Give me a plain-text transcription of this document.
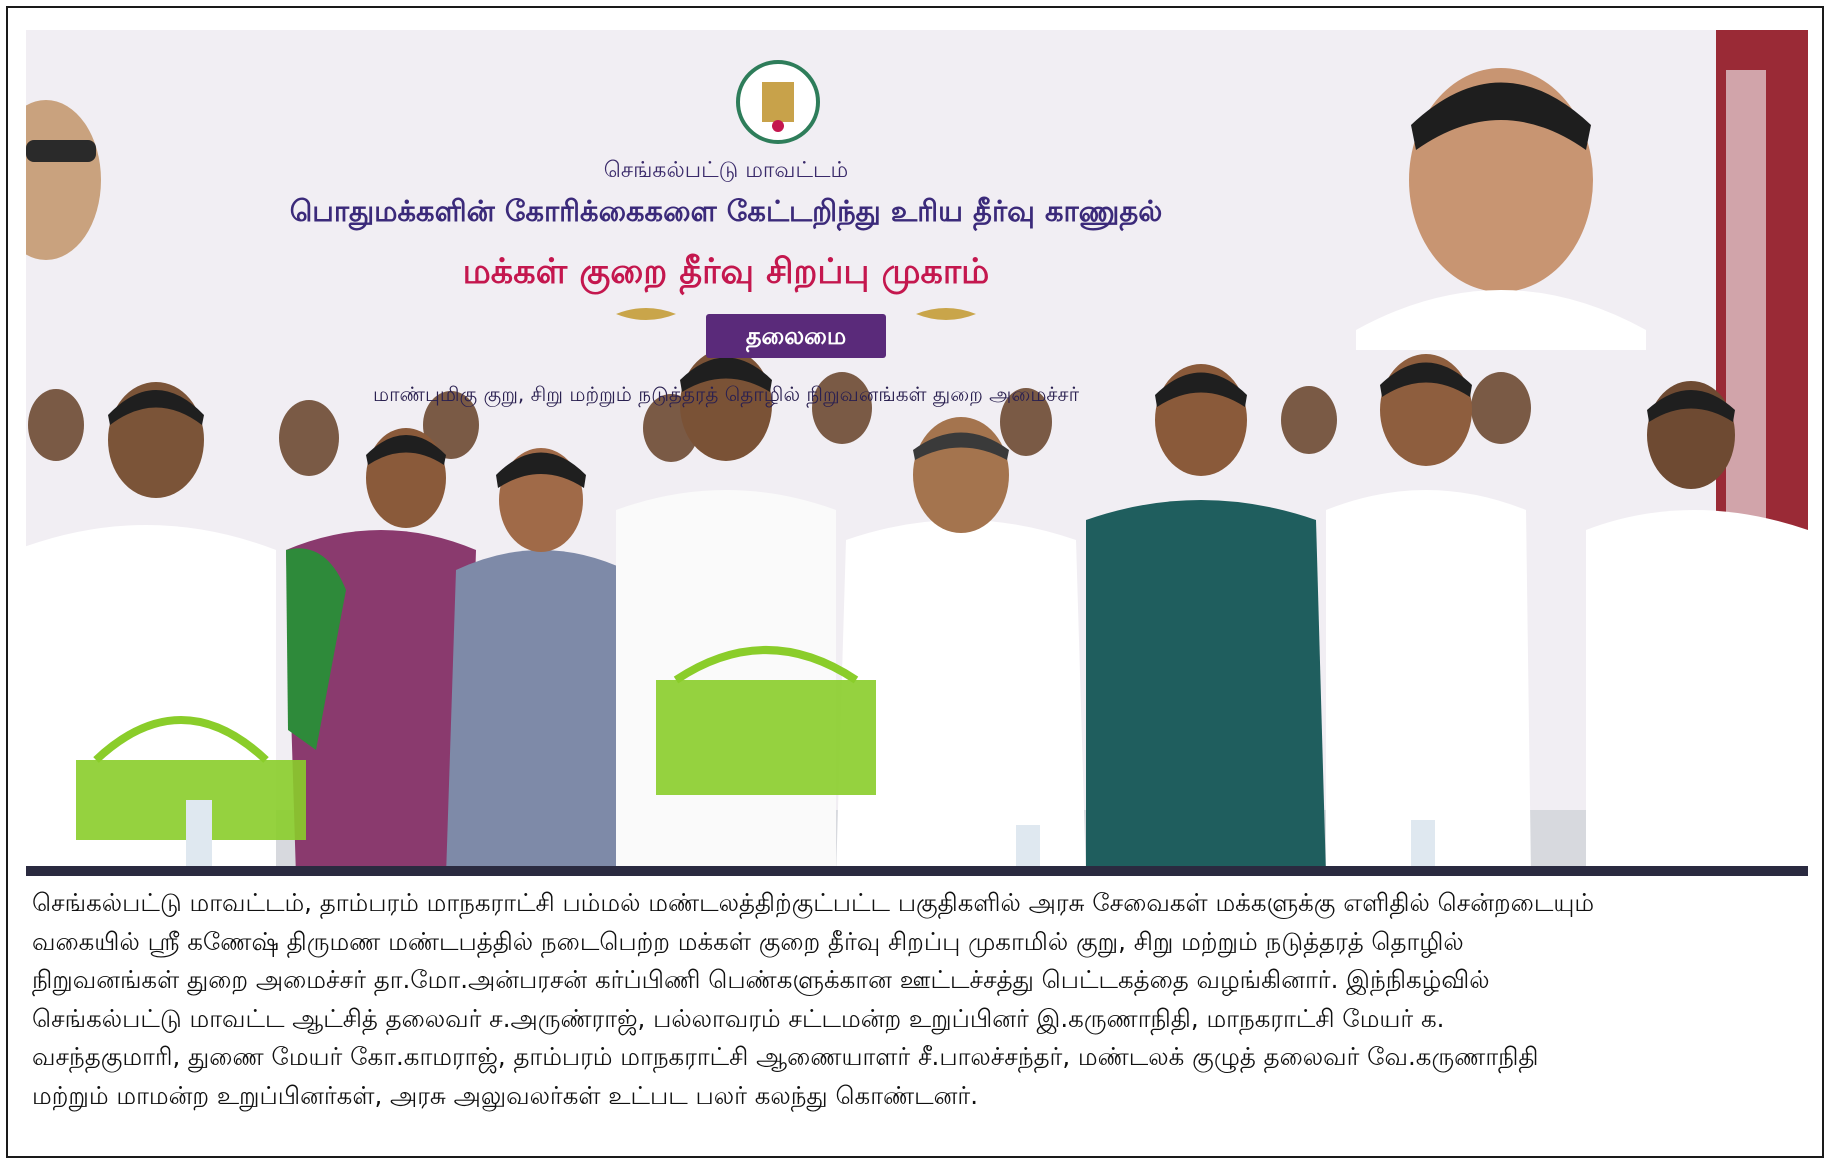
செங்கல்பட்டு மாவட்டம்
பொதுமக்களின் கோரிக்கைகளை கேட்டறிந்து உரிய தீர்வு காணுதல்
மக்கள் குறை தீர்வு சிறப்பு முகாம்
தலைமை
மாண்புமிகு குறு, சிறு மற்றும் நடுத்தரத் தொழில் நிறுவனங்கள் துறை அமைச்சர்
செங்கல்பட்டு மாவட்டம், தாம்பரம் மாநகராட்சி பம்மல் மண்டலத்திற்குட்பட்ட பகுதிகளில் அரசு சேவைகள் மக்களுக்கு எளிதில் சென்றடையும்
வகையில் ஸ்ரீ கணேஷ் திருமண மண்டபத்தில் நடைபெற்ற மக்கள் குறை தீர்வு சிறப்பு முகாமில் குறு, சிறு மற்றும் நடுத்தரத் தொழில்
நிறுவனங்கள் துறை அமைச்சர் தா.மோ.அன்பரசன் கர்ப்பிணி பெண்களுக்கான ஊட்டச்சத்து பெட்டகத்தை வழங்கினார். இந்நிகழ்வில்
செங்கல்பட்டு மாவட்ட ஆட்சித் தலைவர் ச.அருண்ராஜ், பல்லாவரம் சட்டமன்ற உறுப்பினர் இ.கருணாநிதி, மாநகராட்சி மேயர் க.
வசந்தகுமாரி, துணை மேயர் கோ.காமராஜ், தாம்பரம் மாநகராட்சி ஆணையாளர் சீ.பாலச்சந்தர், மண்டலக் குழுத் தலைவர் வே.கருணாநிதி
மற்றும் மாமன்ற உறுப்பினர்கள், அரசு அலுவலர்கள் உட்பட பலர் கலந்து கொண்டனர்.
